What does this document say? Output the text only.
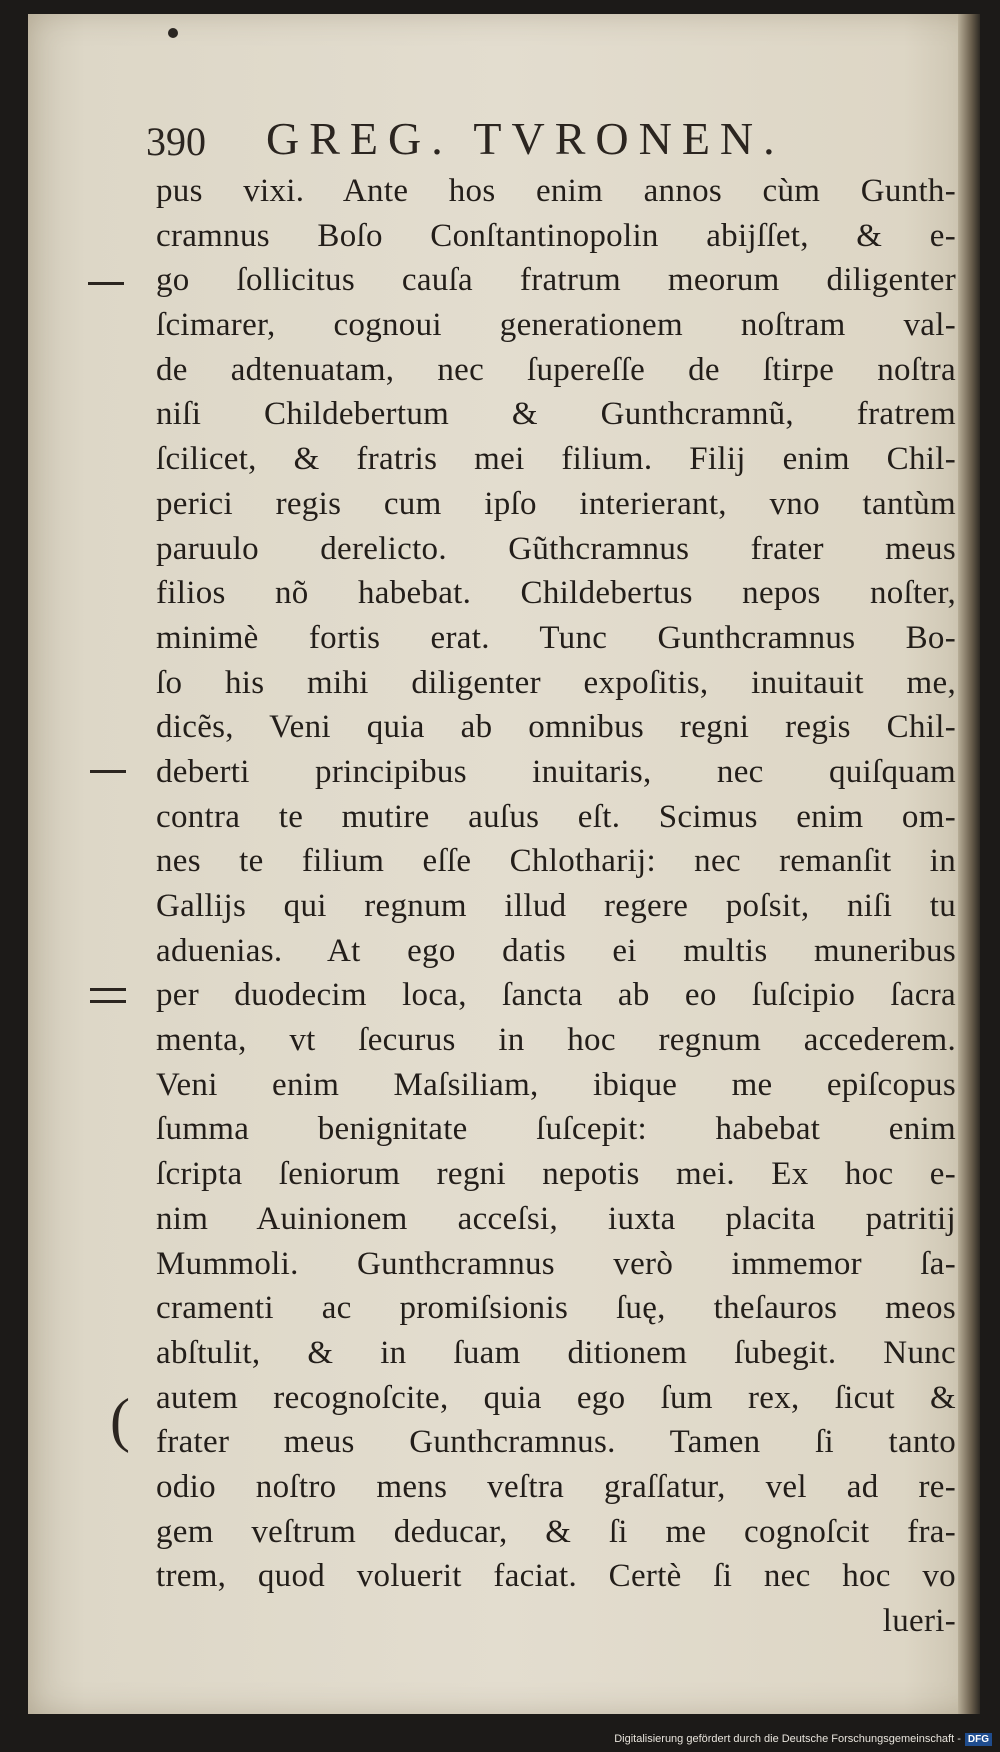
390 GREG. TVRONEN.
pus vixi. Ante hos enim annos cùm Gunth-
cramnus Boſo Conſtantinopolin abijſſet, & e-
go ſollicitus cauſa fratrum meorum diligenter
ſcimarer, cognoui generationem noſtram val-
de adtenuatam, nec ſupereſſe de ſtirpe noſtra
niſi Childebertum & Gunthcramnũ, fratrem
ſcilicet, & fratris mei filium. Filij enim Chil-
perici regis cum ipſo interierant, vno tantùm
paruulo derelicto. Gũthcramnus frater meus
filios nõ habebat. Childebertus nepos noſter,
minimè fortis erat. Tunc Gunthcramnus Bo-
ſo his mihi diligenter expoſitis, inuitauit me,
dicẽs, Veni quia ab omnibus regni regis Chil-
deberti principibus inuitaris, nec quiſquam
contra te mutire auſus eſt. Scimus enim om-
nes te filium eſſe Chlotharij: nec remanſit in
Gallijs qui regnum illud regere poſsit, niſi tu
aduenias. At ego datis ei multis muneribus
per duodecim loca, ſancta ab eo ſuſcipio ſacra
menta, vt ſecurus in hoc regnum accederem.
Veni enim Maſsiliam, ibique me epiſcopus
ſumma benignitate ſuſcepit: habebat enim
ſcripta ſeniorum regni nepotis mei. Ex hoc e-
nim Auinionem acceſsi, iuxta placita patritij
Mummoli. Gunthcramnus verò immemor ſa-
cramenti ac promiſsionis ſuę, theſauros meos
abſtulit, & in ſuam ditionem ſubegit. Nunc
autem recognoſcite, quia ego ſum rex, ſicut &
frater meus Gunthcramnus. Tamen ſi tanto
odio noſtro mens veſtra graſſatur, vel ad re-
gem veſtrum deducar, & ſi me cognoſcit fra-
trem, quod voluerit faciat. Certè ſi nec hoc vo
lueri-
(
Digitalisierung gefördert durch die Deutsche Forschungsgemeinschaft - DFG
